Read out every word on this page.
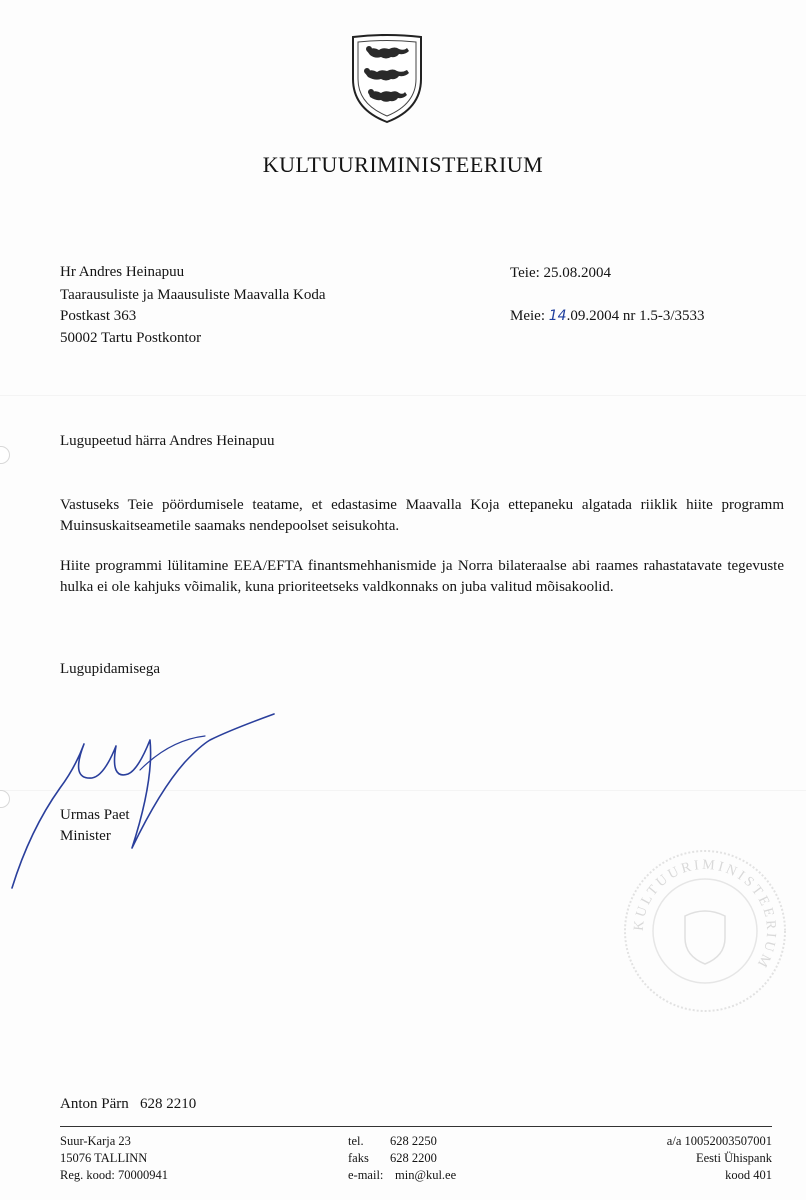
KULTUURIMINISTEERIUM
Hr Andres Heinapuu
Taarausuliste ja Maausuliste Maavalla Koda
Postkast 363
50002 Tartu Postkontor
Teie: 25.08.2004
Meie: 14.09.2004 nr 1.5-3/3533
Lugupeetud härra Andres Heinapuu
Vastuseks Teie pöördumisele teatame, et edastasime Maavalla Koja ettepaneku algatada riiklik hiite programm Muinsuskaitseametile saamaks nendepoolset seisukohta.
Hiite programmi lülitamine EEA/EFTA finantsmehhanismide ja Norra bilateraalse abi raames rahastatavate tegevuste hulka ei ole kahjuks võimalik, kuna prioriteetseks valdkonnaks on juba valitud mõisakoolid.
Lugupidamisega
Urmas Paet
Minister
KULTUURIMINISTEERIUM
Anton Pärn 628 2210
Suur-Karja 23
15076 TALLINN
Reg. kood: 70000941
tel. 628 2250
faks 628 2200
e-mail: min@kul.ee
a/a 10052003507001
Eesti Ühispank
kood 401
